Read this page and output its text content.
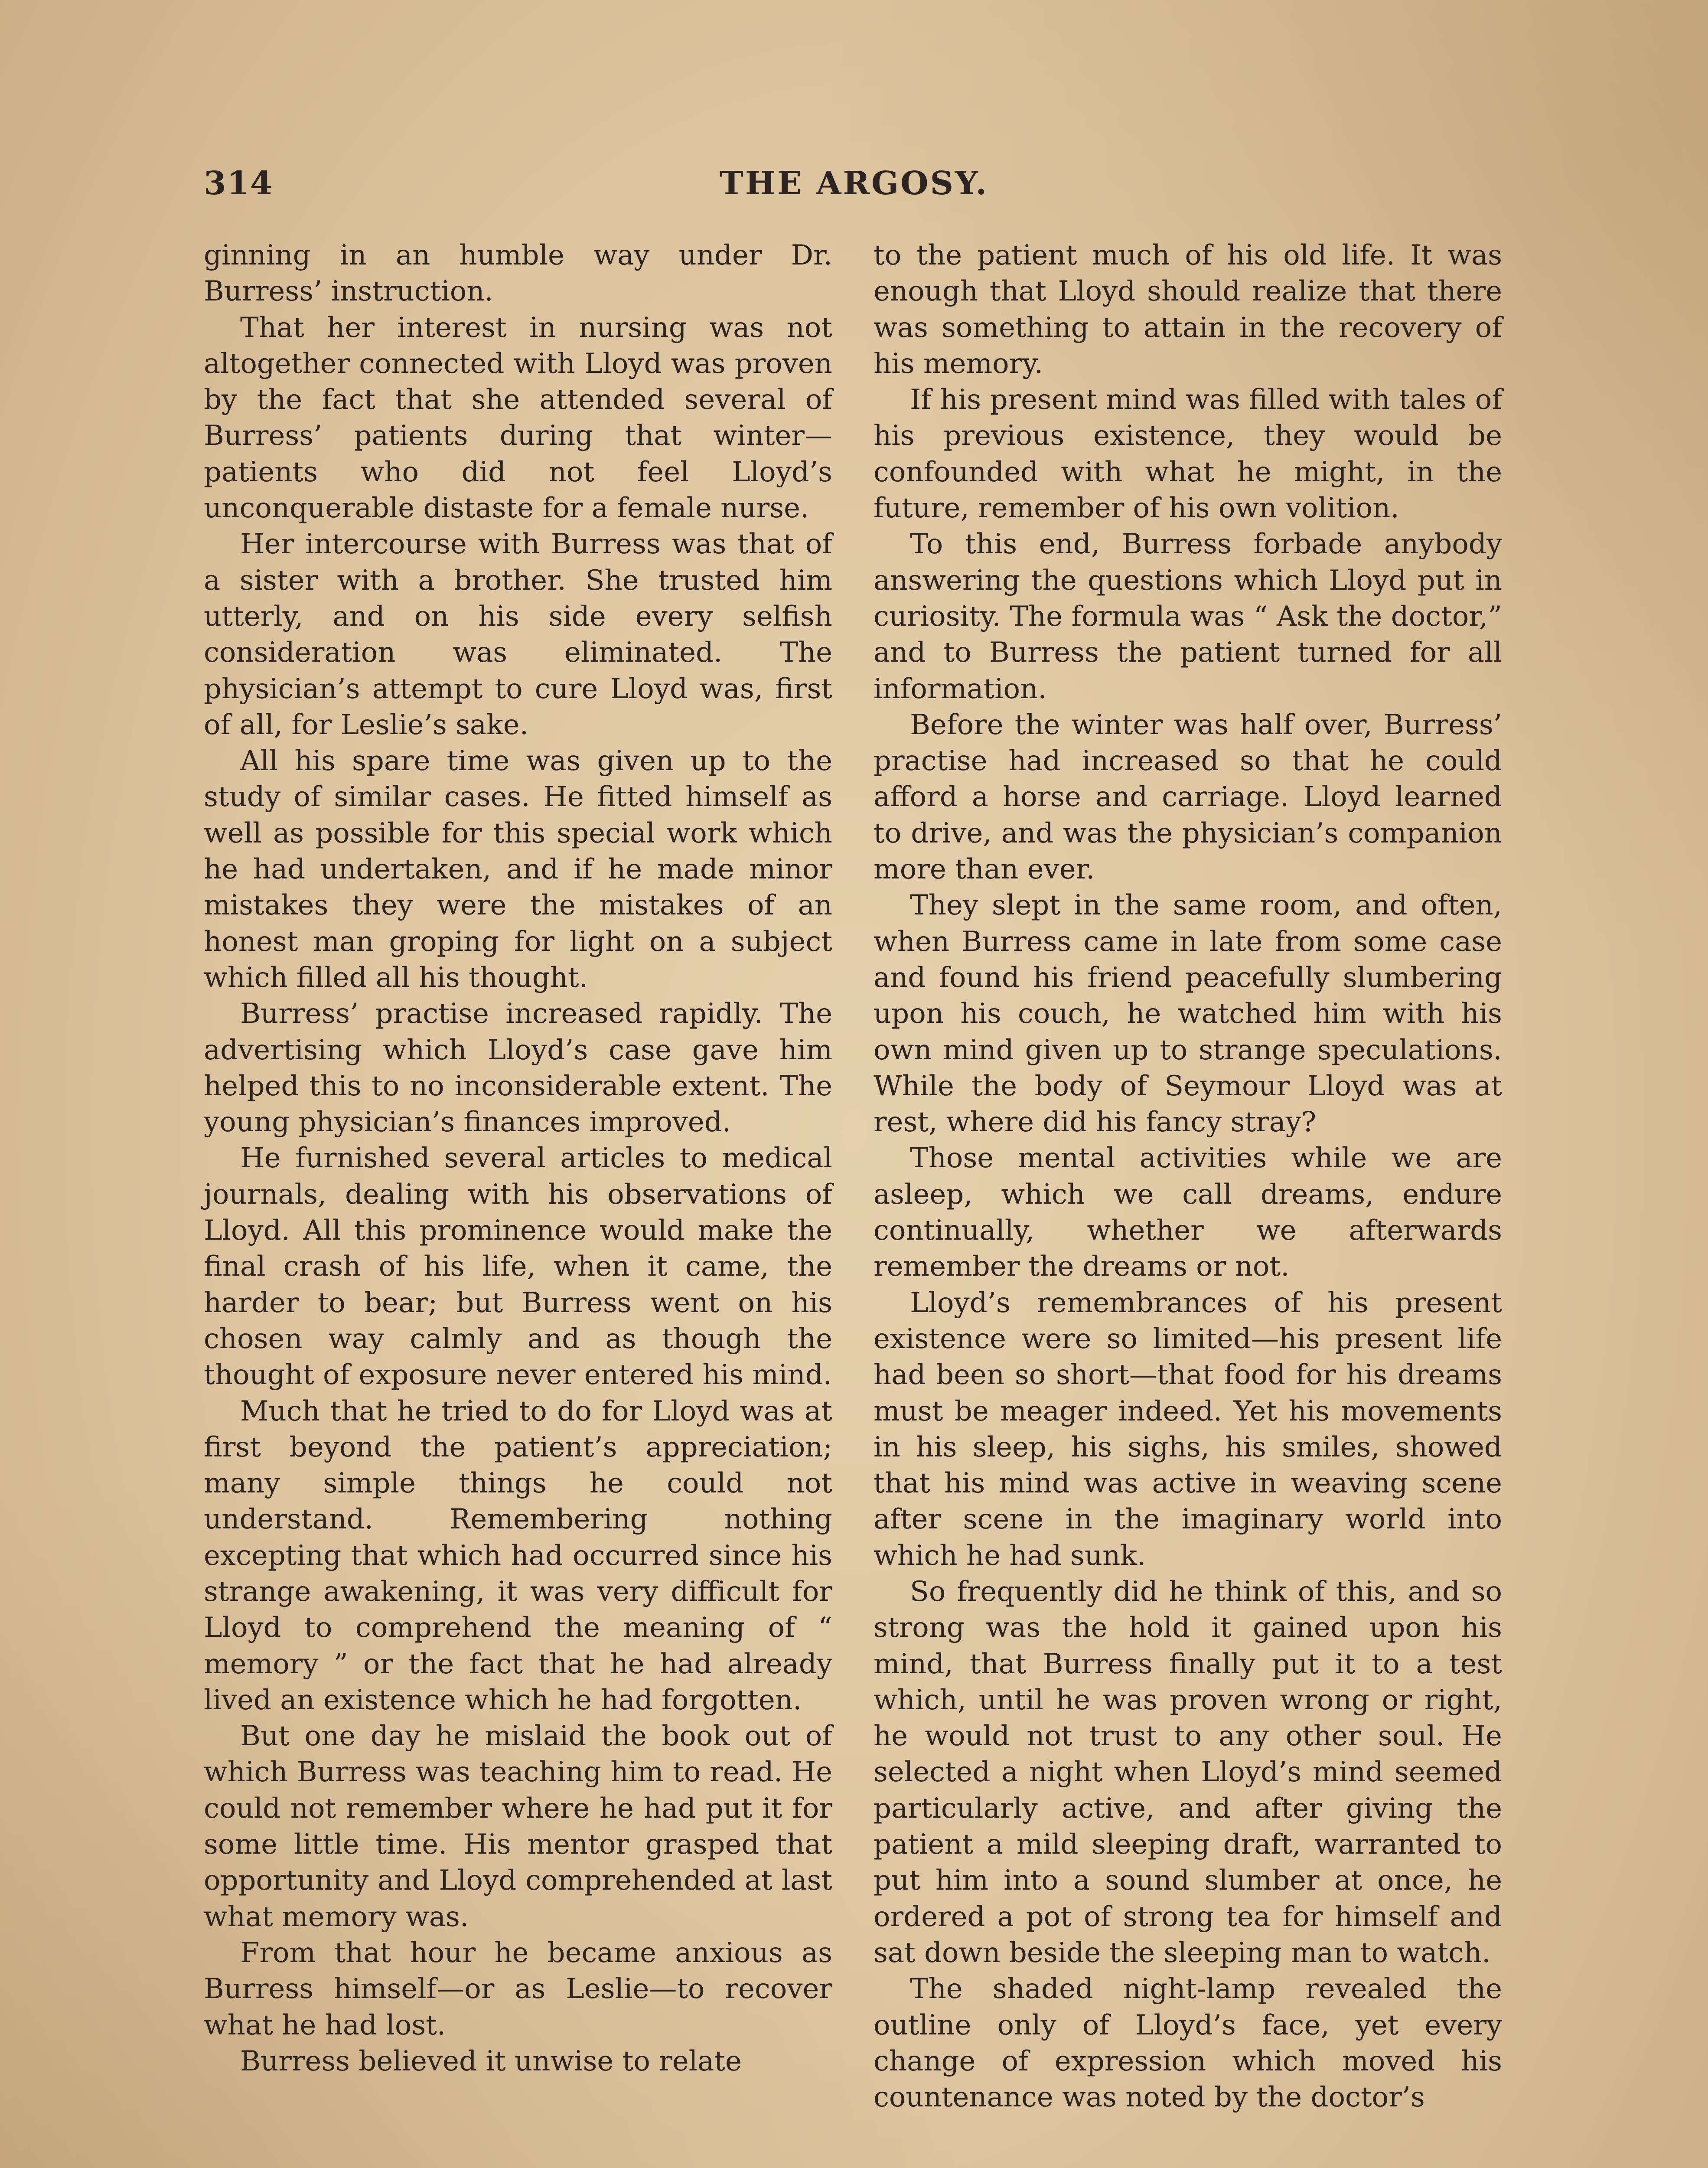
314	THE ARGOSY.

ginning in an humble way under Dr. Burress’ instruction.

That her interest in nursing was not altogether connected with Lloyd was proven by the fact that she attended several of Burress’ patients during that winter—patients who did not feel Lloyd’s unconquerable distaste for a female nurse.

Her intercourse with Burress was that of a sister with a brother. She trusted him utterly, and on his side every selfish consideration was eliminated. The physician’s attempt to cure Lloyd was, first of all, for Leslie’s sake.

All his spare time was given up to the study of similar cases. He fitted himself as well as possible for this special work which he had undertaken, and if he made minor mistakes they were the mistakes of an honest man groping for light on a subject which filled all his thought.

Burress’ practise increased rapidly. The advertising which Lloyd’s case gave him helped this to no inconsiderable extent. The young physician’s finances improved.

He furnished several articles to medical journals, dealing with his observations of Lloyd. All this prominence would make the final crash of his life, when it came, the harder to bear; but Burress went on his chosen way calmly and as though the thought of exposure never entered his mind.

Much that he tried to do for Lloyd was at first beyond the patient’s appreciation; many simple things he could not understand. Remembering nothing excepting that which had occurred since his strange awakening, it was very difficult for Lloyd to comprehend the meaning of “ memory ” or the fact that he had already lived an existence which he had forgotten.

But one day he mislaid the book out of which Burress was teaching him to read. He could not remember where he had put it for some little time. His mentor grasped that opportunity and Lloyd comprehended at last what memory was.

From that hour he became anxious as Burress himself—or as Leslie—to recover what he had lost.

Burress believed it unwise to relate

to the patient much of his old life. It was enough that Lloyd should realize that there was something to attain in the recovery of his memory.

If his present mind was filled with tales of his previous existence, they would be confounded with what he might, in the future, remember of his own volition.

To this end, Burress forbade anybody answering the questions which Lloyd put in curiosity. The formula was “ Ask the doctor,” and to Burress the patient turned for all information.

Before the winter was half over, Burress’ practise had increased so that he could afford a horse and carriage. Lloyd learned to drive, and was the physician’s companion more than ever.

They slept in the same room, and often, when Burress came in late from some case and found his friend peacefully slumbering upon his couch, he watched him with his own mind given up to strange speculations. While the body of Seymour Lloyd was at rest, where did his fancy stray?

Those mental activities while we are asleep, which we call dreams, endure continually, whether we afterwards remember the dreams or not.

Lloyd’s remembrances of his present existence were so limited—his present life had been so short—that food for his dreams must be meager indeed. Yet his movements in his sleep, his sighs, his smiles, showed that his mind was active in weaving scene after scene in the imaginary world into which he had sunk.

So frequently did he think of this, and so strong was the hold it gained upon his mind, that Burress finally put it to a test which, until he was proven wrong or right, he would not trust to any other soul. He selected a night when Lloyd’s mind seemed particularly active, and after giving the patient a mild sleeping draft, warranted to put him into a sound slumber at once, he ordered a pot of strong tea for himself and sat down beside the sleeping man to watch.

The shaded night-lamp revealed the outline only of Lloyd’s face, yet every change of expression which moved his countenance was noted by the doctor’s
